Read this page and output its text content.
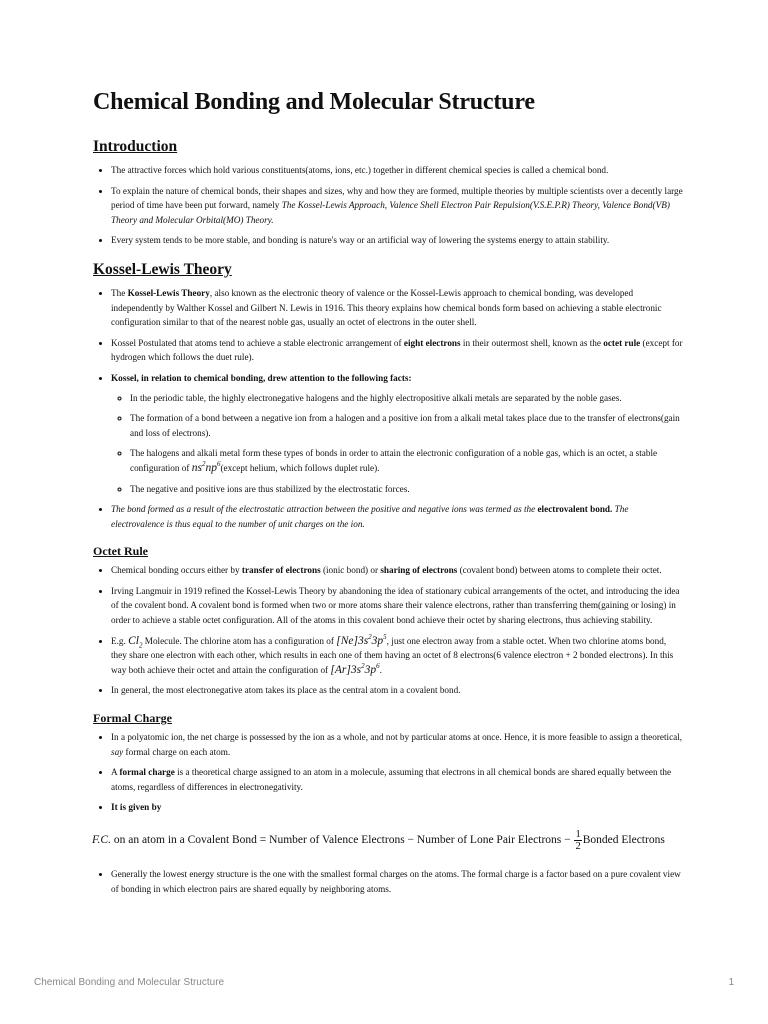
Chemical Bonding and Molecular Structure
Introduction
• The attractive forces which hold various constituents(atoms, ions, etc.) together in different chemical species is called a chemical bond.
• To explain the nature of chemical bonds, their shapes and sizes, why and how they are formed, multiple theories by multiple scientists over a decently large period of time have been put forward, namely The Kossel-Lewis Approach, Valence Shell Electron Pair Repulsion(V.S.E.P.R) Theory, Valence Bond(VB) Theory and Molecular Orbital(MO) Theory.
• Every system tends to be more stable, and bonding is nature's way or an artificial way of lowering the systems energy to attain stability.
Kossel-Lewis Theory
• The Kossel-Lewis Theory, also known as the electronic theory of valence or the Kossel-Lewis approach to chemical bonding, was developed independently by Walther Kossel and Gilbert N. Lewis in 1916. This theory explains how chemical bonds form based on achieving a stable electronic configuration similar to that of the nearest noble gas, usually an octet of electrons in the outer shell.
• Kossel Postulated that atoms tend to achieve a stable electronic arrangement of eight electrons in their outermost shell, known as the octet rule (except for hydrogen which follows the duet rule).
• Kossel, in relation to chemical bonding, drew attention to the following facts:
◦ In the periodic table, the highly electronegative halogens and the highly electropositive alkali metals are separated by the noble gases.
◦ The formation of a bond between a negative ion from a halogen and a positive ion from a alkali metal takes place due to the transfer of electrons(gain and loss of electrons).
◦ The halogens and alkali metal form these types of bonds in order to attain the electronic configuration of a noble gas, which is an octet, a stable configuration of $ns^2np^6(except$ helium, which follows duplet rule).
◦ The negative and positive ions are thus stabilized by the electrostatic forces.
• The bond formed as a result of the electrostatic attraction between the positive and negative ions was termed as the electrovalent bond. The electrovalence is thus equal to the number of unit charges on the ion.
Octet Rule
• Chemical bonding occurs either by transfer of electrons (ionic bond) or sharing of electrons (covalent bond) between atoms to complete their octet.
• Irving Langmuir in 1919 refined the Kossel-Lewis Theory by abandoning the idea of stationary cubical arrangements of the octet, and introducing the idea of the covalent bond. A covalent bond is formed when two or more atoms share their valence electrons, rather than transferring them(gaining or losing) in order to achieve a stable octet configuration. All of the atoms in this covalent bond achieve their octet by sharing electrons, thus achieving stability.
• E.g. $Cl_2$ Molecule. The chlorine atom has a configuration of $[Ne]3s^23p^5$, just one electron away from a stable octet. When two chlorine atoms bond, they share one electron with each other, which results in each one of them having an octet of 8 electrons(6 valence electron + 2 bonded electrons). In this way both achieve their octet and attain the configuration of $[Ar]3s^23p^6$.
• In general, the most electronegative atom takes its place as the central atom in a covalent bond.
Formal Charge
• In a polyatomic ion, the net charge is possessed by the ion as a whole, and not by particular atoms at once. Hence, it is more feasible to assign a theoretical, say formal charge on each atom.
• A formal charge is a theoretical charge assigned to an atom in a molecule, assuming that electrons in all chemical bonds are shared equally between the atoms, regardless of differences in electronegativity.
• It is given by
F.C. on an atom in a Covalent Bond = Number of Valence Electrons − Number of Lone Pair Electrons − $\frac{1}{2}$ Bonded Electrons
• Generally the lowest energy structure is the one with the smallest formal charges on the atoms. The formal charge is a factor based on a pure covalent view of bonding in which electron pairs are shared equally by neighboring atoms.
Chemical Bonding and Molecular Structure	1
